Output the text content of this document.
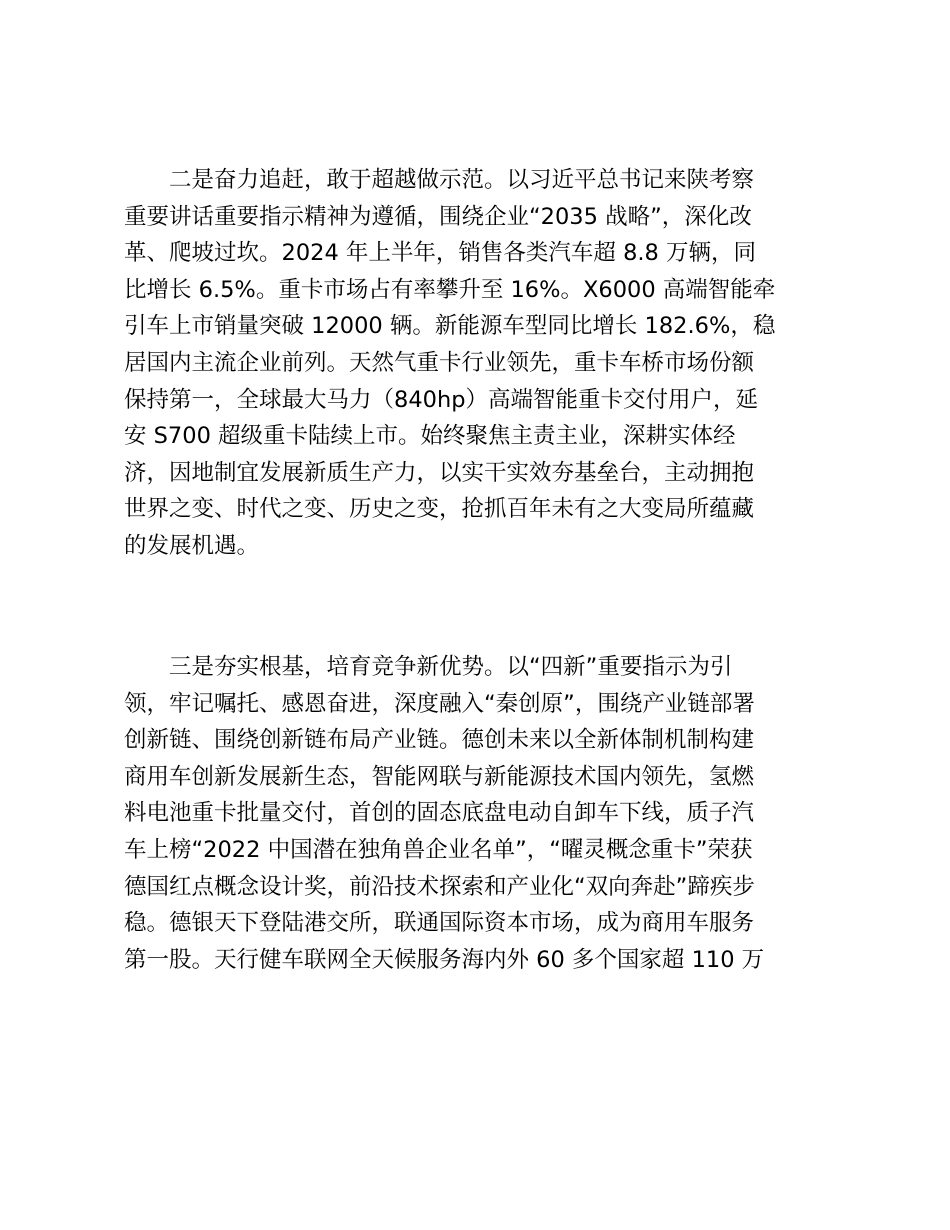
二是奋力追赶，敢于超越做示范。以习近平总书记来陕考察
重要讲话重要指示精神为遵循，围绕企业“2035 战略”，深化改
革、爬坡过坎。2024 年上半年，销售各类汽车超 8.8 万辆，同
比增长 6.5%。重卡市场占有率攀升至 16%。X6000 高端智能牵
引车上市销量突破 12000 辆。新能源车型同比增长 182.6%，稳
居国内主流企业前列。天然气重卡行业领先，重卡车桥市场份额
保持第一，全球最大马力（840hp）高端智能重卡交付用户，延
安 S700 超级重卡陆续上市。始终聚焦主责主业，深耕实体经
济，因地制宜发展新质生产力，以实干实效夯基垒台，主动拥抱
世界之变、时代之变、历史之变，抢抓百年未有之大变局所蕴藏
的发展机遇。
三是夯实根基，培育竞争新优势。以“四新”重要指示为引
领，牢记嘱托、感恩奋进，深度融入“秦创原”，围绕产业链部署
创新链、围绕创新链布局产业链。德创未来以全新体制机制构建
商用车创新发展新生态，智能网联与新能源技术国内领先，氢燃
料电池重卡批量交付，首创的固态底盘电动自卸车下线，质子汽
车上榜“2022 中国潜在独角兽企业名单”，“曜灵概念重卡”荣获
德国红点概念设计奖，前沿技术探索和产业化“双向奔赴”蹄疾步
稳。德银天下登陆港交所，联通国际资本市场，成为商用车服务
第一股。天行健车联网全天候服务海内外 60 多个国家超 110 万
